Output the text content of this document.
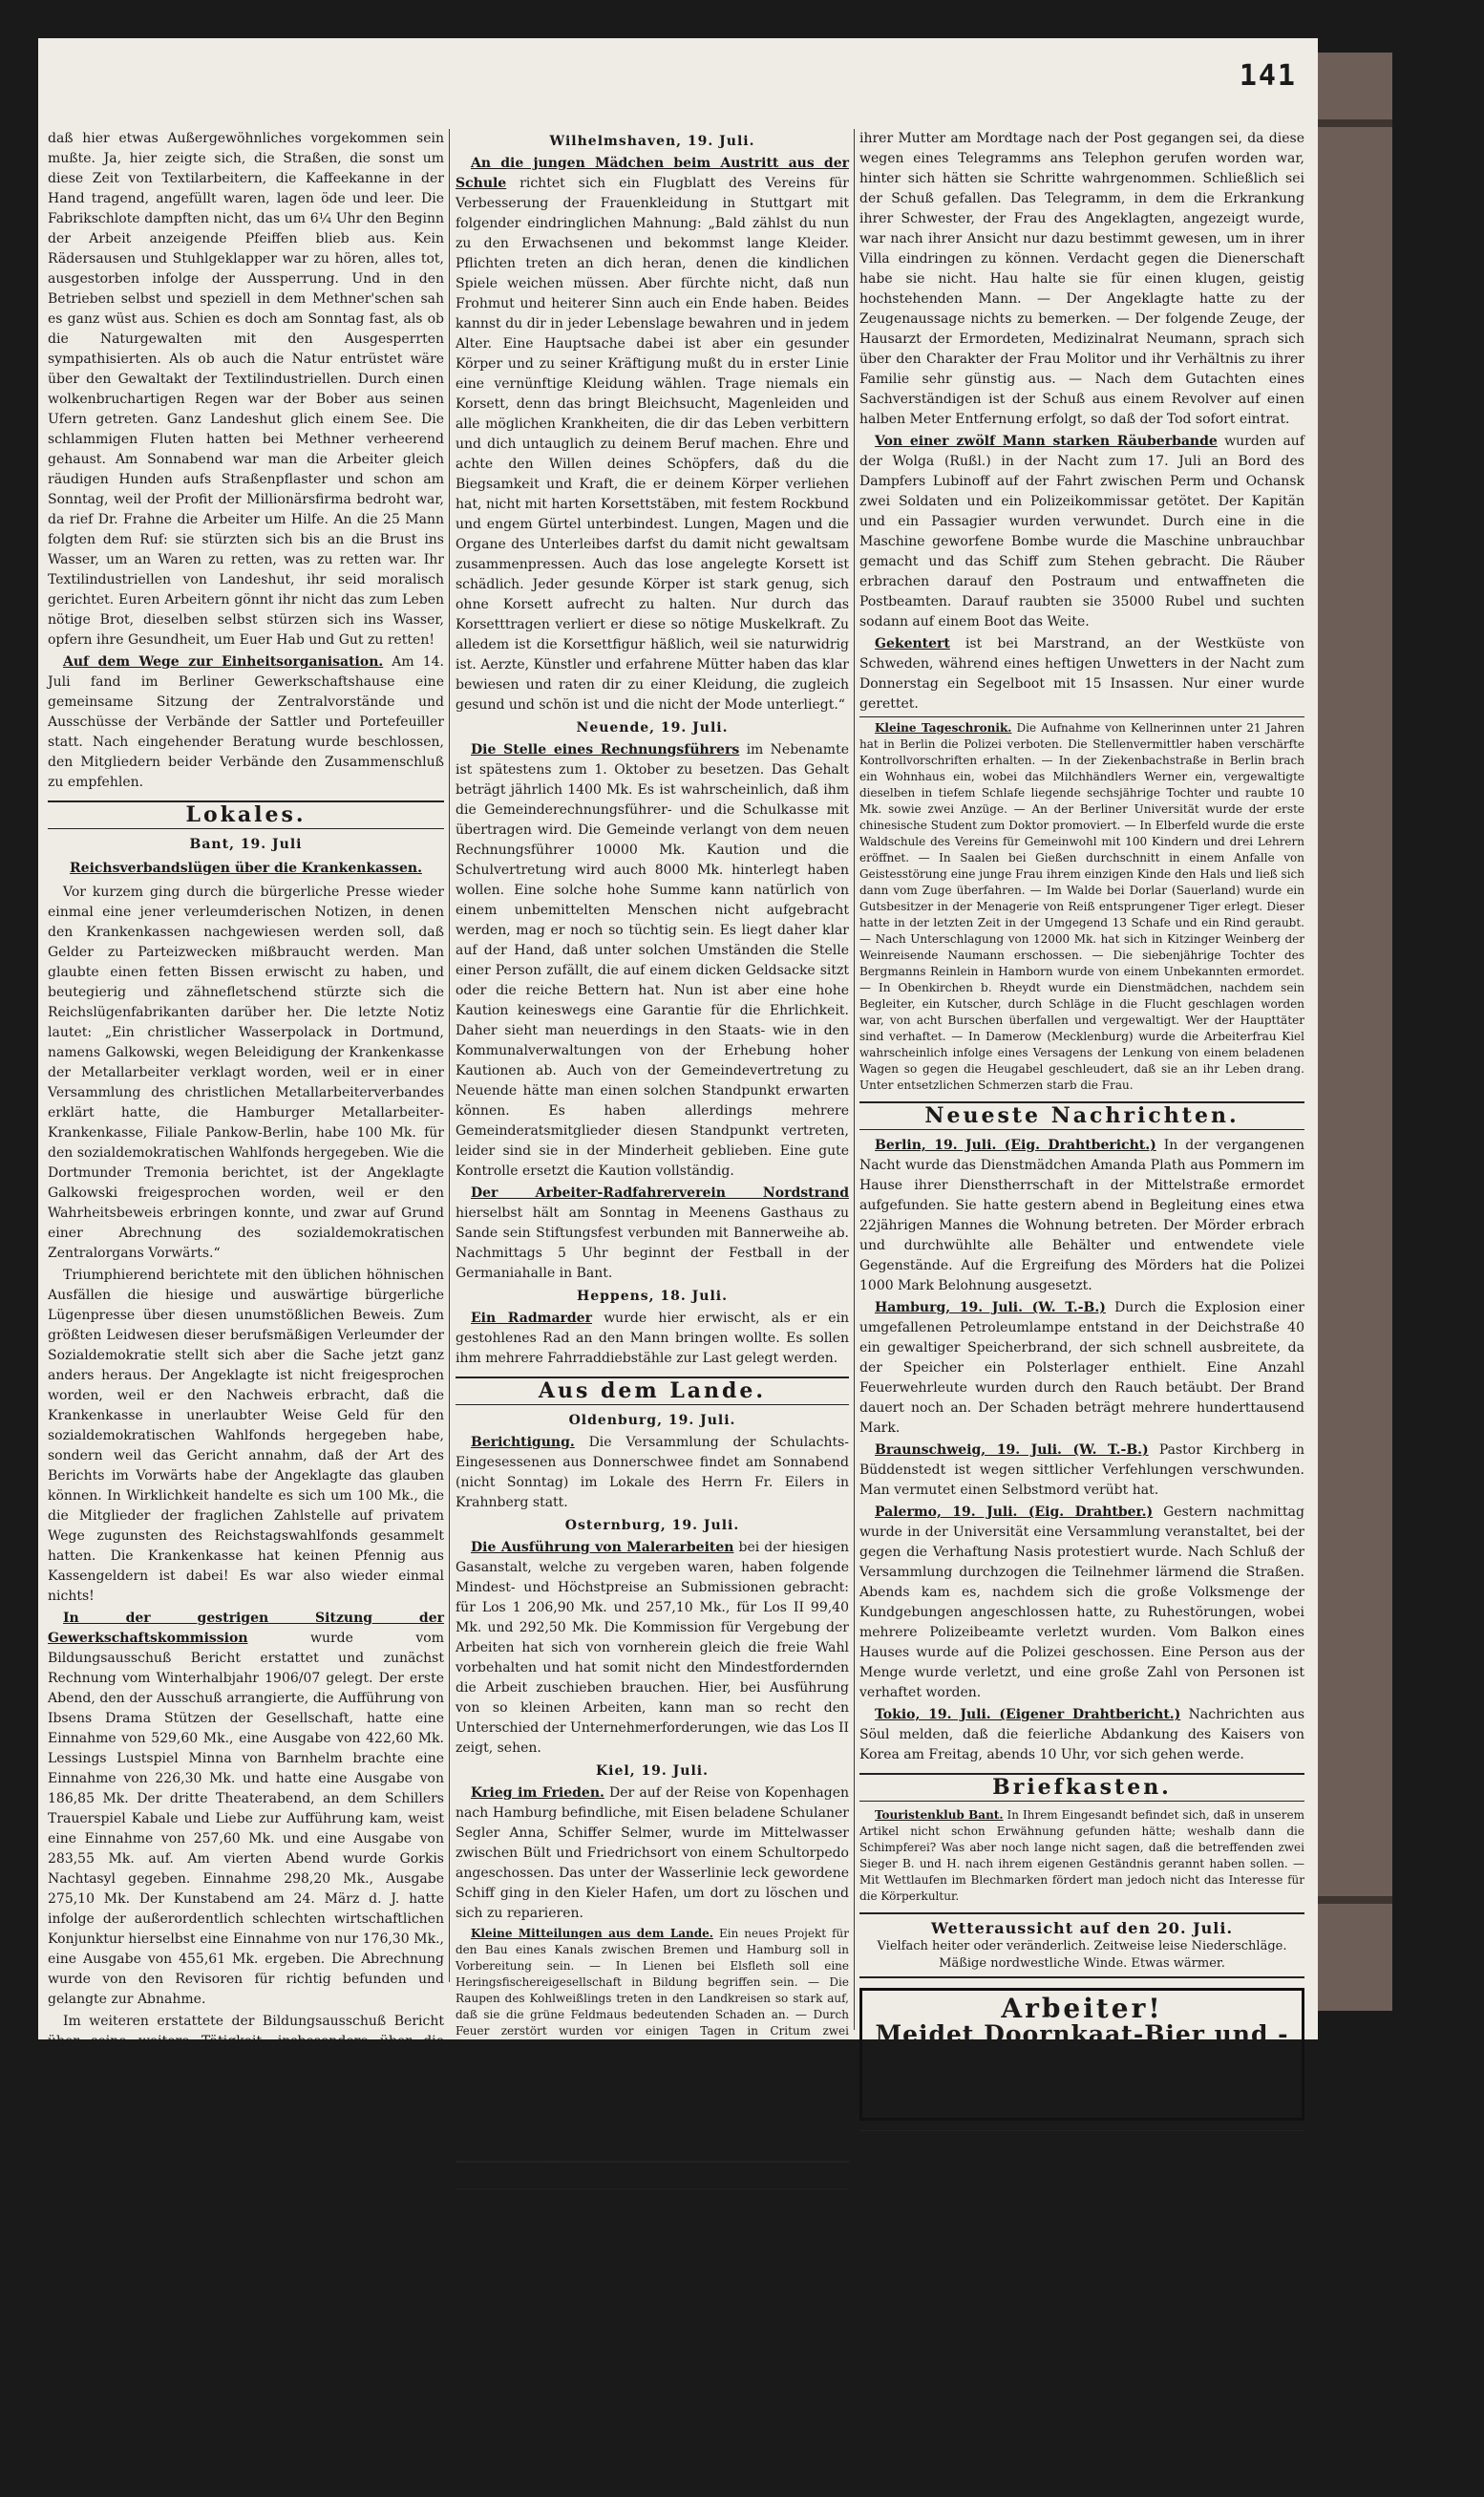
141

daß hier etwas Außergewöhnliches vorgekommen sein mußte. Ja, hier zeigte sich, die Straßen, die sonst um diese Zeit von Textilarbeitern, die Kaffeekanne in der Hand tragend, angefüllt waren, lagen öde und leer. Die Fabrikschlote dampften nicht, das um 6¼ Uhr den Beginn der Arbeit anzeigende Pfeiffen blieb aus. Kein Rädersausen und Stuhlgeklapper war zu hören, alles tot, ausgestorben infolge der Aussperrung. Und in den Betrieben selbst und speziell in dem Methner'schen sah es ganz wüst aus. Schien es doch am Sonntag fast, als ob die Naturgewalten mit den Ausgesperrten sympathisierten. Als ob auch die Natur entrüstet wäre über den Gewaltakt der Textilindustriellen. Durch einen wolkenbruchartigen Regen war der Bober aus seinen Ufern getreten. Ganz Landeshut glich einem See. Die schlammigen Fluten hatten bei Methner verheerend gehaust. Am Sonnabend war man die Arbeiter gleich räudigen Hunden aufs Straßenpflaster und schon am Sonntag, weil der Profit der Millionärsfirma bedroht war, da rief Dr. Frahne die Arbeiter um Hilfe. An die 25 Mann folgten dem Ruf: sie stürzten sich bis an die Brust ins Wasser, um an Waren zu retten, was zu retten war. Ihr Textilindustriellen von Landeshut, ihr seid moralisch gerichtet. Euren Arbeitern gönnt ihr nicht das zum Leben nötige Brot, dieselben selbst stürzen sich ins Wasser, opfern ihre Gesundheit, um Euer Hab und Gut zu retten!

Auf dem Wege zur Einheitsorganisation. Am 14. Juli fand im Berliner Gewerkschaftshause eine gemeinsame Sitzung der Zentralvorstände und Ausschüsse der Verbände der Sattler und Portefeuiller statt. Nach eingehender Beratung wurde beschlossen, den Mitgliedern beider Verbände den Zusammenschluß zu empfehlen.

Lokales.
Bant, 19. Juli
Reichsverbandslügen über die Krankenkassen.

Vor kurzem ging durch die bürgerliche Presse wieder einmal eine jener verleumderischen Notizen, in denen den Krankenkassen nachgewiesen werden soll, daß Gelder zu Parteizwecken mißbraucht werden. Man glaubte einen fetten Bissen erwischt zu haben, und beutegierig und zähnefletschend stürzte sich die Reichslügenfabrikanten darüber her. Die letzte Notiz lautet: „Ein christlicher Wasserpolack in Dortmund, namens Galkowski, wegen Beleidigung der Krankenkasse der Metallarbeiter verklagt worden, weil er in einer Versammlung des christlichen Metallarbeiterverbandes erklärt hatte, die Hamburger Metallarbeiter-Krankenkasse, Filiale Pankow-Berlin, habe 100 Mk. für den sozialdemokratischen Wahlfonds hergegeben. Wie die Dortmunder Tremonia berichtet, ist der Angeklagte Galkowski freigesprochen worden, weil er den Wahrheitsbeweis erbringen konnte, und zwar auf Grund einer Abrechnung des sozialdemokratischen Zentralorgans Vorwärts.“

Triumphierend berichtete mit den üblichen höhnischen Ausfällen die hiesige und auswärtige bürgerliche Lügenpresse über diesen unumstößlichen Beweis. Zum größten Leidwesen dieser berufsmäßigen Verleumder der Sozialdemokratie stellt sich aber die Sache jetzt ganz anders heraus. Der Angeklagte ist nicht freigesprochen worden, weil er den Nachweis erbracht, daß die Krankenkasse in unerlaubter Weise Geld für den sozialdemokratischen Wahlfonds hergegeben habe, sondern weil das Gericht annahm, daß der Art des Berichts im Vorwärts habe der Angeklagte das glauben können. In Wirklichkeit handelte es sich um 100 Mk., die die Mitglieder der fraglichen Zahlstelle auf privatem Wege zugunsten des Reichstagswahlfonds gesammelt hatten. Die Krankenkasse hat keinen Pfennig aus Kassengeldern ist dabei! Es war also wieder einmal nichts!

In der gestrigen Sitzung der Gewerkschaftskommission	wurde vom Bildungsausschuß Bericht erstattet und zunächst Rechnung vom Winterhalbjahr 1906/07 gelegt. Der erste Abend, den der Ausschuß arrangierte, die Aufführung von Ibsens Drama Stützen der Gesellschaft, hatte eine Einnahme von 529,60 Mk., eine Ausgabe von 422,60 Mk. Lessings Lustspiel Minna von Barnhelm brachte eine Einnahme von 226,30 Mk. und hatte eine Ausgabe von 186,85 Mk. Der dritte Theaterabend, an dem Schillers Trauerspiel Kabale und Liebe zur Aufführung kam, weist eine Einnahme von 257,60 Mk. und eine Ausgabe von 283,55 Mk. auf. Am vierten Abend wurde Gorkis Nachtasyl gegeben. Einnahme 298,20 Mk., Ausgabe 275,10 Mk. Der Kunstabend am 24. März d. J. hatte infolge der außerordentlich schlechten wirtschaftlichen Konjunktur hierselbst eine Einnahme von nur 176,30 Mk., eine Ausgabe von 455,61 Mk. ergeben. Die Abrechnung wurde von den Revisoren für richtig befunden und gelangte zur Abnahme.

Im weiteren erstattete der Bildungsausschuß Bericht über seine weitere Tätigkeit, insbesondere über die Vorarbeiten für das kommende Winterhalbjahr und über die geplante Vereinigung der Gewerkschaftsbibliotheken zu einer Zentralbibliothek. Sämtliche Gewerkschaften haben definitiv zugestimmt bis auf die Metallarbeiter und Buchdrucker, die zunächst noch eine genaue fixierte Grundlage erwarten. Nur die Maler haben definitiv abgelehnt. In der lebhaften Diskussion wurde dringend gewünscht, daß sich keine Gewerkschaft von der gewaltigen Bekundung gewerkschaftlicher Solidarität, die in der Schaffung einer Zentralbibliothek liegt, ausschließe. Die Sache wird erledigt werden. Die Verzeichnisse der einzelnen Bibliotheken am Arbeitersekretariat eingereicht sein.

Im weiteren wurde der Boykott der Doornkaatschen Getränke besprochen und darauf hingewiesen, den Boykott strengstens durchzuführen, um der gerechten Sache der Arbeiter zum Siege zu verhelfen.

Gefunden worden ist in der Verkaufsstelle I des Banter Konsumvereins ein größeres Geldstück. Dasselbe ist dort am vorigen Sonnabend von einer Frau verloren worden. Die Verliererin kann sich beim Lagerhalter Herrn Uhlers melden.

Wilhelmshaven, 19. Juli.

An die jungen Mädchen beim Austritt aus der Schule richtet sich ein Flugblatt des Vereins für Verbesserung der Frauenkleidung in Stuttgart mit folgender eindringlichen Mahnung: „Bald zählst du nun zu den Erwachsenen und bekommst lange Kleider. Pflichten treten an dich heran, denen die kindlichen Spiele weichen müssen. Aber fürchte nicht, daß nun Frohmut und heiterer Sinn auch ein Ende haben. Beides kannst du dir in jeder Lebenslage bewahren und in jedem Alter. Eine Hauptsache dabei ist aber ein gesunder Körper und zu seiner Kräftigung mußt du in erster Linie eine vernünftige Kleidung wählen. Trage niemals ein Korsett, denn das bringt Bleichsucht, Magenleiden und alle möglichen Krankheiten, die dir das Leben verbittern und dich untauglich zu deinem Beruf machen. Ehre und achte den Willen deines Schöpfers, daß du die Biegsamkeit und Kraft, die er deinem Körper verliehen hat, nicht mit harten Korsettstäben, mit festem Rockbund und engem Gürtel unterbindest. Lungen, Magen und die Organe des Unterleibes darfst du damit nicht gewaltsam zusammenpressen. Auch das lose angelegte Korsett ist schädlich. Jeder gesunde Körper ist stark genug, sich ohne Korsett aufrecht zu halten. Nur durch das Korsetttragen verliert er diese so nötige Muskelkraft. Zu alledem ist die Korsettfigur häßlich, weil sie naturwidrig ist. Aerzte, Künstler und erfahrene Mütter haben das klar bewiesen und raten dir zu einer Kleidung, die zugleich gesund und schön ist und die nicht der Mode unterliegt.“

Neuende, 19. Juli.

Die Stelle eines Rechnungsführers im Nebenamte ist spätestens zum 1. Oktober zu besetzen. Das Gehalt beträgt jährlich 1400 Mk. Es ist wahrscheinlich, daß ihm die Gemeinderechnungsführer- und die Schulkasse mit übertragen wird. Die Gemeinde verlangt von dem neuen Rechnungsführer 10000 Mk. Kaution und die Schulvertretung wird auch 8000 Mk. hinterlegt haben wollen. Eine solche hohe Summe kann natürlich von einem unbemittelten Menschen nicht aufgebracht werden, mag er noch so tüchtig sein. Es liegt daher klar auf der Hand, daß unter solchen Umständen die Stelle einer Person zufällt, die auf einem dicken Geldsacke sitzt oder die reiche Bettern hat. Nun ist aber eine hohe Kaution keineswegs eine Garantie für die Ehrlichkeit. Daher sieht man neuerdings in den Staats- wie in den Kommunalverwaltungen von der Erhebung hoher Kautionen ab. Auch von der Gemeindevertretung zu Neuende hätte man einen solchen Standpunkt erwarten können. Es haben allerdings mehrere Gemeinderatsmitglieder diesen Standpunkt vertreten, leider sind sie in der Minderheit geblieben. Eine gute Kontrolle ersetzt die Kaution vollständig.

Der Arbeiter-Radfahrerverein Nordstrand hierselbst hält am Sonntag in Meenens Gasthaus zu Sande sein Stiftungsfest verbunden mit Bannerweihe ab. Nachmittags 5 Uhr beginnt der Festball in der Germaniahalle in Bant.

Heppens, 18. Juli.

Ein Radmarder wurde hier erwischt, als er ein gestohlenes Rad an den Mann bringen wollte. Es sollen ihm mehrere Fahrraddiebstähle zur Last gelegt werden.

Aus dem Lande.
Oldenburg, 19. Juli.

Berichtigung. Die Versammlung der Schulachts-Eingesessenen aus Donnerschwee findet am Sonnabend (nicht Sonntag) im Lokale des Herrn Fr. Eilers in Krahnberg statt.

Osternburg, 19. Juli.

Die Ausführung von Malerarbeiten bei der hiesigen Gasanstalt, welche zu vergeben waren, haben folgende Mindest- und Höchstpreise an Submissionen gebracht: für Los 1 206,90 Mk. und 257,10 Mk., für Los II 99,40 Mk. und 292,50 Mk. Die Kommission für Vergebung der Arbeiten hat sich von vornherein gleich die freie Wahl vorbehalten und hat somit nicht den Mindestfordernden die Arbeit zuschieben brauchen. Hier, bei Ausführung von so kleinen Arbeiten, kann man so recht den Unterschied der Unternehmerforderungen, wie das Los II zeigt, sehen.

Kiel, 19. Juli.

Krieg im Frieden. Der auf der Reise von Kopenhagen nach Hamburg befindliche, mit Eisen beladene Schulaner Segler Anna, Schiffer Selmer, wurde im Mittelwasser zwischen Bült und Friedrichsort von einem Schultorpedo angeschossen. Das unter der Wasserlinie leck gewordene Schiff ging in den Kieler Hafen, um dort zu löschen und sich zu reparieren.

Kleine Mitteilungen aus dem Lande. Ein neues Projekt für den Bau eines Kanals zwischen Bremen und Hamburg soll in Vorbereitung sein. — In Lienen bei Elsfleth soll eine Heringsfischereigesellschaft in Bildung begriffen sein. — Die Raupen des Kohlweißlings treten in den Landkreisen so stark auf, daß sie die grüne Feldmaus bedeutenden Schaden an. — Durch Feuer zerstört wurden vor einigen Tagen in Critum zwei landwirtschaftliche Häuser. — Ein Zuckerfabrikant im Gerichtsgefängnis Ergerie sah zwar sog. sich der Arbeiter Hollwurtel in Nenndorf derartige Verletzungen zu, daß er alsbald verstarb. — In Holzkamp wurde vor Dienstag auf Anregung des Bäckermeisters Heuer in Farge die Augen mit Pech verschmiert, wodurch das Tier wahrscheinlich die Sehkraft verlieren wird. Von dem Rohling fehlt jede Spur.

Aus aller Welt.

Im Karlsruher Mordprozeß Hau wurde am ersten Tage, am 17. Juli, vormittags die Vernehmung des Angeklagten beendet. Seinen Aufenthalt in Karlsruhe am Mordtage und seine Verkleidung leugnete er nicht; über den Zweck seiner Reise nach Karlsruhe und die näheren Umstände ein. — In der Nachmittagssitzung wurde die Zeugenvernehmung begonnen. Eine Anzahl Zeugen haben den Mann mit dem falschen schwarzen Barte gesehen. Sie erkennen Hau wieder. — Die 26 Jahre alte Zeugin Olga Molitor, die Schwägerin des Angeklagten, wurde unvereidet vernommen. Sie erzählte, wie sie mit

ihrer Mutter am Mordtage nach der Post gegangen sei, da diese wegen eines Telegramms ans Telephon gerufen worden war, hinter sich hätten sie Schritte wahrgenommen. Schließlich sei der Schuß gefallen. Das Telegramm, in dem die Erkrankung ihrer Schwester, der Frau des Angeklagten, angezeigt wurde, war nach ihrer Ansicht nur dazu bestimmt gewesen, um in ihrer Villa eindringen zu können. Verdacht gegen die Dienerschaft habe sie nicht. Hau halte sie für einen klugen, geistig hochstehenden Mann. — Der Angeklagte hatte zu der Zeugenaussage nichts zu bemerken. — Der folgende Zeuge, der Hausarzt der Ermordeten, Medizinalrat Neumann, sprach sich über den Charakter der Frau Molitor und ihr Verhältnis zu ihrer Familie sehr günstig aus. — Nach dem Gutachten eines Sachverständigen ist der Schuß aus einem Revolver auf einen halben Meter Entfernung erfolgt, so daß der Tod sofort eintrat.

Von einer zwölf Mann starken Räuberbande wurden auf der Wolga (Rußl.) in der Nacht zum 17. Juli an Bord des Dampfers Lubinoff auf der Fahrt zwischen Perm und Ochansk zwei Soldaten und ein Polizeikommissar getötet. Der Kapitän und ein Passagier wurden verwundet. Durch eine in die Maschine geworfene Bombe wurde die Maschine unbrauchbar gemacht und das Schiff zum Stehen gebracht. Die Räuber erbrachen darauf den Postraum und entwaffneten die Postbeamten. Darauf raubten sie 35000 Rubel und suchten sodann auf einem Boot das Weite.

Gekentert ist bei Marstrand, an der Westküste von Schweden, während eines heftigen Unwetters in der Nacht zum Donnerstag ein Segelboot mit 15 Insassen. Nur einer wurde gerettet.

Kleine Tageschronik. Die Aufnahme von Kellnerinnen unter 21 Jahren hat in Berlin die Polizei verboten. Die Stellenvermittler haben verschärfte Kontrollvorschriften erhalten. — In der Ziekenbachstraße in Berlin brach ein Wohnhaus ein, wobei das Milchhändlers Werner ein, vergewaltigte dieselben in tiefem Schlafe liegende sechsjährige Tochter und raubte 10 Mk. sowie zwei Anzüge. — An der Berliner Universität wurde der erste chinesische Student zum Doktor promoviert. — In Elberfeld wurde die erste Waldschule des Vereins für Gemeinwohl mit 100 Kindern und drei Lehrern eröffnet. — In Saalen bei Gießen durchschnitt in einem Anfalle von Geistesstörung eine junge Frau ihrem einzigen Kinde den Hals und ließ sich dann vom Zuge überfahren. — Im Walde bei Dorlar (Sauerland) wurde ein Gutsbesitzer in der Menagerie von Reiß entsprungener Tiger erlegt. Dieser hatte in der letzten Zeit in der Umgegend 13 Schafe und ein Rind geraubt. — Nach Unterschlagung von 12000 Mk. hat sich in Kitzinger Weinberg der Weinreisende Naumann erschossen. — Die siebenjährige Tochter des Bergmanns Reinlein in Hamborn wurde von einem Unbekannten ermordet. — In Obenkirchen b. Rheydt wurde ein Dienstmädchen, nachdem sein Begleiter, ein Kutscher, durch Schläge in die Flucht geschlagen worden war, von acht Burschen überfallen und vergewaltigt. Wer der Haupttäter sind verhaftet. — In Damerow (Mecklenburg) wurde die Arbeiterfrau Kiel wahrscheinlich infolge eines Versagens der Lenkung von einem beladenen Wagen so gegen die Heugabel geschleudert, daß sie an ihr Leben drang. Unter entsetzlichen Schmerzen starb die Frau.

Neueste Nachrichten.

Berlin, 19. Juli. (Eig. Drahtbericht.) In der vergangenen Nacht wurde das Dienstmädchen Amanda Plath aus Pommern im Hause ihrer Dienstherrschaft in der Mittelstraße ermordet aufgefunden. Sie hatte gestern abend in Begleitung eines etwa 22jährigen Mannes die Wohnung betreten. Der Mörder erbrach und durchwühlte alle Behälter und entwendete viele Gegenstände. Auf die Ergreifung des Mörders hat die Polizei 1000 Mark Belohnung ausgesetzt.

Hamburg, 19. Juli. (W. T.-B.) Durch die Explosion einer umgefallenen Petroleumlampe entstand in der Deichstraße 40 ein gewaltiger Speicherbrand, der sich schnell ausbreitete, da der Speicher ein Polsterlager enthielt. Eine Anzahl Feuerwehrleute wurden durch den Rauch betäubt. Der Brand dauert noch an. Der Schaden beträgt mehrere hunderttausend Mark.

Braunschweig, 19. Juli. (W. T.-B.) Pastor Kirchberg in Büddenstedt ist wegen sittlicher Verfehlungen verschwunden. Man vermutet einen Selbstmord verübt hat.

Palermo, 19. Juli. (Eig. Drahtber.) Gestern nachmittag wurde in der Universität eine Versammlung veranstaltet, bei der gegen die Verhaftung Nasis protestiert wurde. Nach Schluß der Versammlung durchzogen die Teilnehmer lärmend die Straßen. Abends kam es, nachdem sich die große Volksmenge der Kundgebungen angeschlossen hatte, zu Ruhestörungen, wobei mehrere Polizeibeamte verletzt wurden. Vom Balkon eines Hauses wurde auf die Polizei geschossen. Eine Person aus der Menge wurde verletzt, und eine große Zahl von Personen ist verhaftet worden.

Tokio, 19. Juli. (Eigener Drahtbericht.) Nachrichten aus Söul melden, daß die feierliche Abdankung des Kaisers von Korea am Freitag, abends 10 Uhr, vor sich gehen werde.

Briefkasten.

Touristenklub Bant. In Ihrem Eingesandt befindet sich, daß in unserem Artikel nicht schon Erwähnung gefunden hätte; weshalb dann die Schimpferei? Was aber noch lange nicht sagen, daß die betreffenden zwei Sieger B. und H. nach ihrem eigenen Geständnis gerannt haben sollen. — Mit Wettlaufen im Blechmarken fördert man jedoch nicht das Interesse für die Körperkultur.

Wetteraussicht auf den 20. Juli.
Vielfach heiter oder veränderlich. Zeitweise leise Niederschläge. Mäßige nordwestliche Winde. Etwas wärmer.
Arbeiter!
Meidet Doornkaat-Bier und -Schnaps
solange die Doornkaats
die organisierte Arbeiterschaft meiden.
Verantwortl. Redakteur: R. Wagner in Bant. Verlag von Paul Hug in Bant. Rotationsdruck von Paul Hug & Co. in Bant.
Hierzu ein 2. Blatt und eine Beilage.
